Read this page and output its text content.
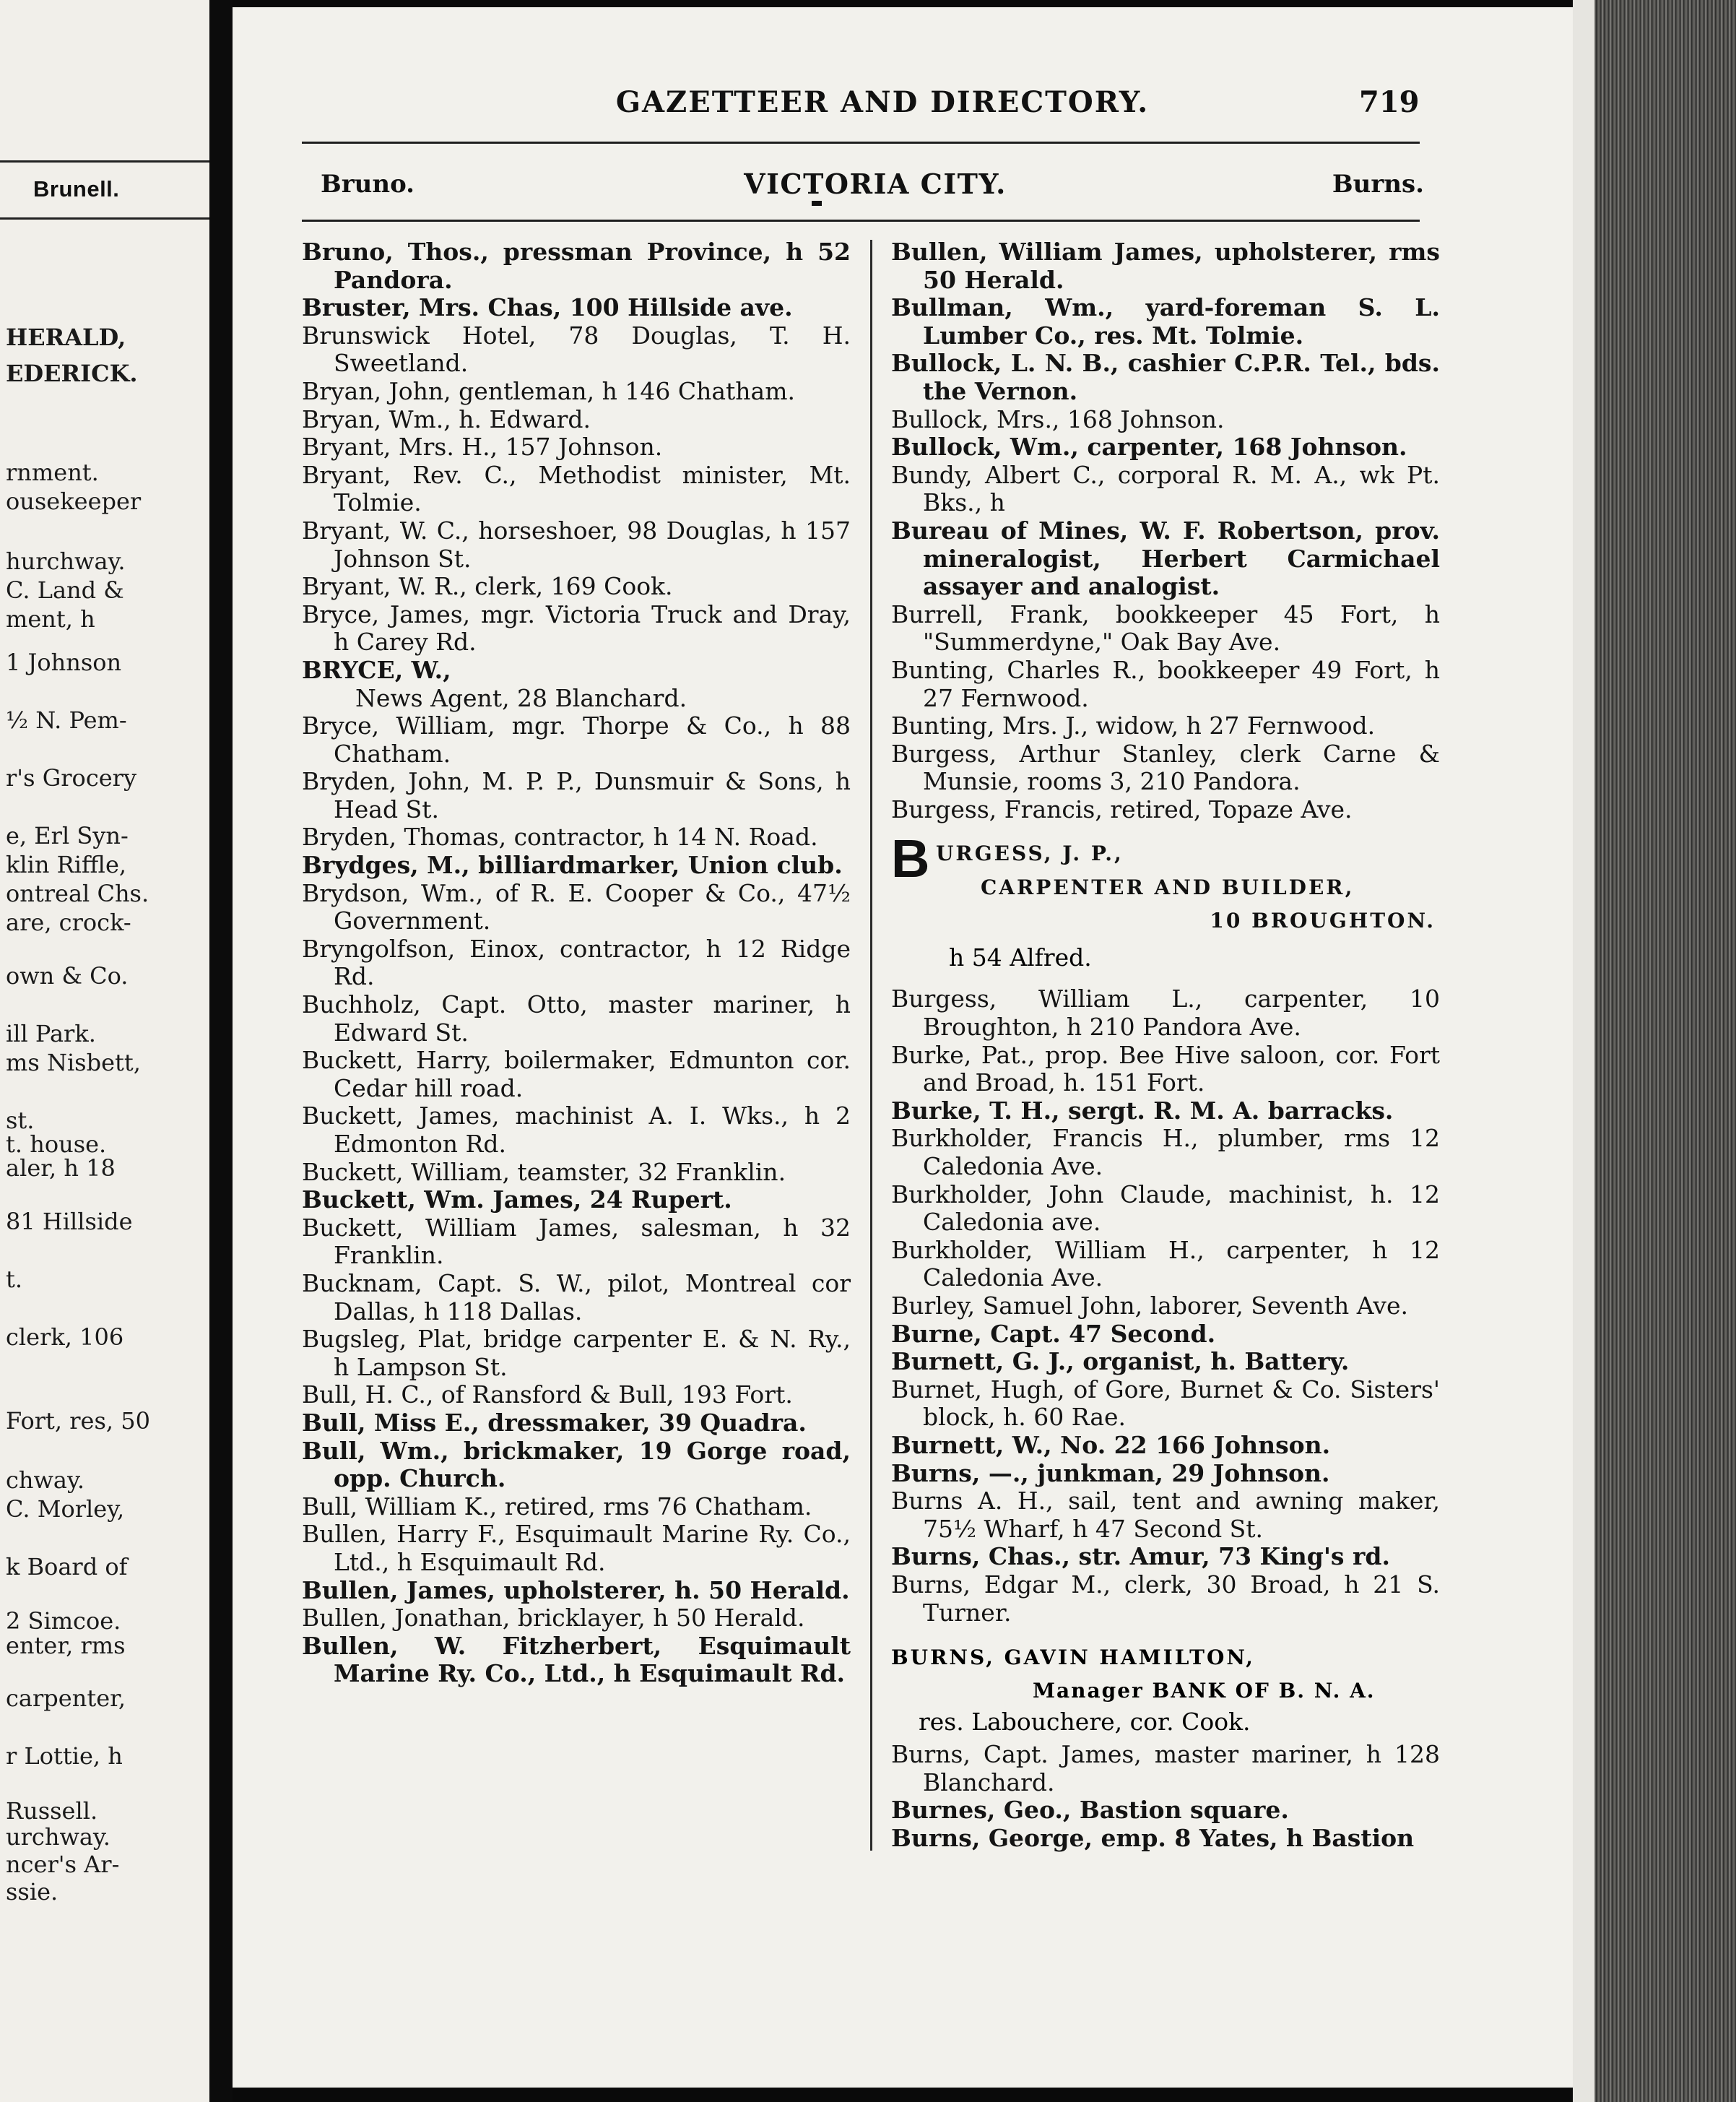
Brunell.
HERALD,
EDERICK.
rnment.
ousekeeper
hurchway.
C. Land &
ment, h
1 Johnson
½ N. Pem-
r's Grocery
e, Erl Syn-
klin Riffle,
ontreal Chs.
are, crock-
own & Co.
ill Park.
ms Nisbett,
st.
t. house.
aler, h 18
81 Hillside
t.
clerk, 106
Fort, res, 50
chway.
C. Morley,
k Board of
2 Simcoe.
enter, rms
carpenter,
r Lottie, h
Russell.
urchway.
ncer's Ar-
ssie.
GAZETTEER AND DIRECTORY.	719
Bruno.	VICTORIA CITY.	Burns.
Bruno, Thos., pressman Province, h 52 Pandora.
Bruster, Mrs. Chas, 100 Hillside ave.
Brunswick Hotel, 78 Douglas, T. H. Sweetland.
Bryan, John, gentleman, h 146 Chatham.
Bryan, Wm., h. Edward.
Bryant, Mrs. H., 157 Johnson.
Bryant, Rev. C., Methodist minister, Mt. Tolmie.
Bryant, W. C., horseshoer, 98 Douglas, h 157 Johnson St.
Bryant, W. R., clerk, 169 Cook.
Bryce, James, mgr. Victoria Truck and Dray, h Carey Rd.
BRYCE, W.,
News Agent, 28 Blanchard.
Bryce, William, mgr. Thorpe & Co., h 88 Chatham.
Bryden, John, M. P. P., Dunsmuir & Sons, h Head St.
Bryden, Thomas, contractor, h 14 N. Road.
Brydges, M., billiardmarker, Union club.
Brydson, Wm., of R. E. Cooper & Co., 47½ Government.
Bryngolfson, Einox, contractor, h 12 Ridge Rd.
Buchholz, Capt. Otto, master mariner, h Edward St.
Buckett, Harry, boilermaker, Edmunton cor. Cedar hill road.
Buckett, James, machinist A. I. Wks., h 2 Edmonton Rd.
Buckett, William, teamster, 32 Franklin.
Buckett, Wm. James, 24 Rupert.
Buckett, William James, salesman, h 32 Franklin.
Bucknam, Capt. S. W., pilot, Montreal cor Dallas, h 118 Dallas.
Bugsleg, Plat, bridge carpenter E. & N. Ry., h Lampson St.
Bull, H. C., of Ransford & Bull, 193 Fort.
Bull, Miss E., dressmaker, 39 Quadra.
Bull, Wm., brickmaker, 19 Gorge road, opp. Church.
Bull, William K., retired, rms 76 Chatham.
Bullen, Harry F., Esquimault Marine Ry. Co., Ltd., h Esquimault Rd.
Bullen, James, upholsterer, h. 50 Herald.
Bullen, Jonathan, bricklayer, h 50 Herald.
Bullen, W. Fitzherbert, Esquimault Marine Ry. Co., Ltd., h Esquimault Rd.
Bullen, William James, upholsterer, rms 50 Herald.
Bullman, Wm., yard-foreman S. L. Lumber Co., res. Mt. Tolmie.
Bullock, L. N. B., cashier C.P.R. Tel., bds. the Vernon.
Bullock, Mrs., 168 Johnson.
Bullock, Wm., carpenter, 168 Johnson.
Bundy, Albert C., corporal R. M. A., wk Pt. Bks., h
Bureau of Mines, W. F. Robertson, prov. mineralogist, Herbert Carmichael assayer and analogist.
Burrell, Frank, bookkeeper 45 Fort, h "Summerdyne," Oak Bay Ave.
Bunting, Charles R., bookkeeper 49 Fort, h 27 Fernwood.
Bunting, Mrs. J., widow, h 27 Fernwood.
Burgess, Arthur Stanley, clerk Carne & Munsie, rooms 3, 210 Pandora.
Burgess, Francis, retired, Topaze Ave.
B URGESS, J. P.,
CARPENTER AND BUILDER,
10 BROUGHTON.
h 54 Alfred.
Burgess, William L., carpenter, 10 Broughton, h 210 Pandora Ave.
Burke, Pat., prop. Bee Hive saloon, cor. Fort and Broad, h. 151 Fort.
Burke, T. H., sergt. R. M. A. barracks.
Burkholder, Francis H., plumber, rms 12 Caledonia Ave.
Burkholder, John Claude, machinist, h. 12 Caledonia ave.
Burkholder, William H., carpenter, h 12 Caledonia Ave.
Burley, Samuel John, laborer, Seventh Ave.
Burne, Capt. 47 Second.
Burnett, G. J., organist, h. Battery.
Burnet, Hugh, of Gore, Burnet & Co. Sisters' block, h. 60 Rae.
Burnett, W., No. 22 166 Johnson.
Burns, —., junkman, 29 Johnson.
Burns A. H., sail, tent and awning maker, 75½ Wharf, h 47 Second St.
Burns, Chas., str. Amur, 73 King's rd.
Burns, Edgar M., clerk, 30 Broad, h 21 S. Turner.
BURNS, GAVIN HAMILTON,
Manager BANK OF B. N. A.
res. Labouchere, cor. Cook.
Burns, Capt. James, master mariner, h 128 Blanchard.
Burnes, Geo., Bastion square.
Burns, George, emp. 8 Yates, h Bastion
